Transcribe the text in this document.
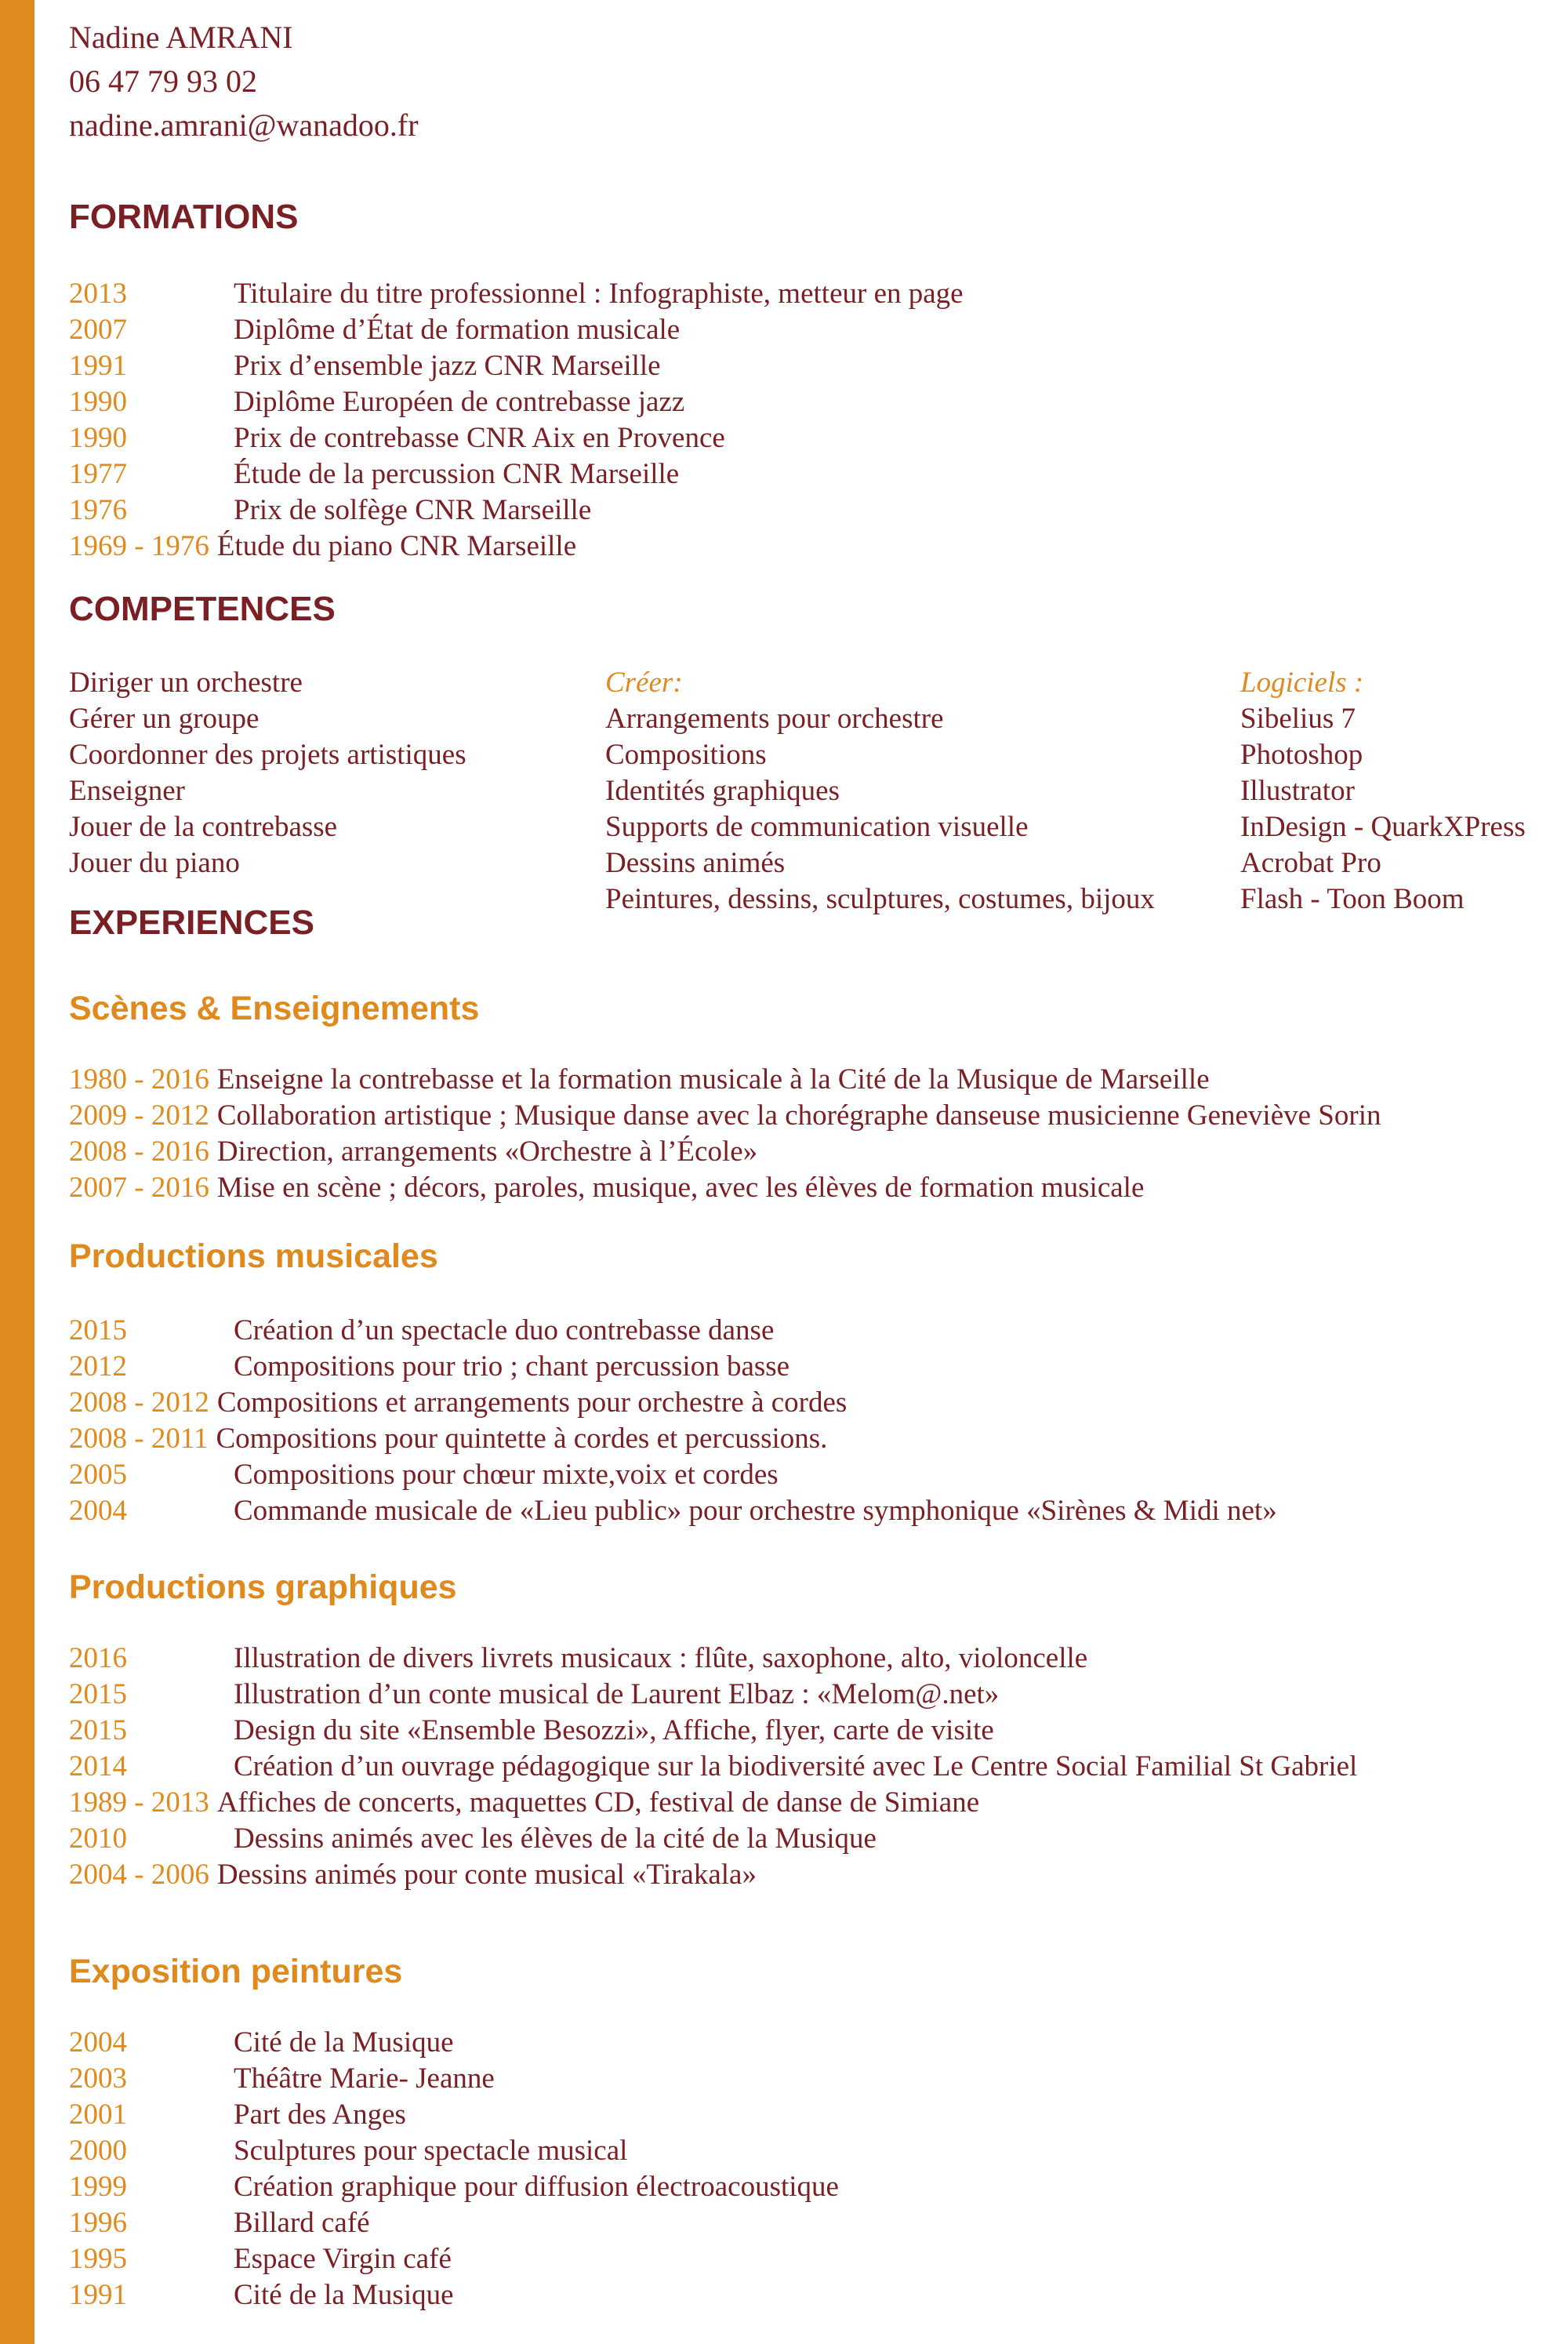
Nadine AMRANI
06 47 79 93 02
nadine.amrani@wanadoo.fr
FORMATIONS
2013	Titulaire du titre professionnel : Infographiste, metteur en page
2007	Diplôme d’État de formation musicale
1991	Prix d’ensemble jazz CNR Marseille
1990	Diplôme Européen de contrebasse jazz
1990	Prix de contrebasse CNR Aix en Provence
1977	Étude de la percussion CNR Marseille
1976	Prix de solfège CNR Marseille
1969 - 1976 Étude du piano CNR Marseille
COMPETENCES
Diriger un orchestre
Gérer un groupe
Coordonner des projets artistiques
Enseigner
Jouer de la contrebasse
Jouer du piano
Créer:
Arrangements pour orchestre
Compositions
Identités graphiques
Supports de communication visuelle
Dessins animés
Peintures, dessins, sculptures, costumes, bijoux
Logiciels :
Sibelius 7
Photoshop
Illustrator
InDesign - QuarkXPress
Acrobat Pro
Flash - Toon Boom
EXPERIENCES
Scènes & Enseignements
1980 - 2016 Enseigne la contrebasse et la formation musicale à la Cité de la Musique de Marseille
2009 - 2012 Collaboration artistique ; Musique danse avec la chorégraphe danseuse musicienne Geneviève Sorin
2008 - 2016 Direction, arrangements «Orchestre à l’École»
2007 - 2016 Mise en scène ; décors, paroles, musique, avec les élèves de formation musicale
Productions musicales
2015	Création d’un spectacle duo contrebasse danse
2012	Compositions pour trio ; chant percussion basse
2008 - 2012 Compositions et arrangements pour orchestre à cordes
2008 - 2011 Compositions pour quintette à cordes et percussions.
2005	Compositions pour chœur mixte,voix et cordes
2004	Commande musicale de «Lieu public» pour orchestre symphonique «Sirènes & Midi net»
Productions graphiques
2016	Illustration de divers livrets musicaux : flûte, saxophone, alto, violoncelle
2015	Illustration d’un conte musical de Laurent Elbaz : «Melom@.net»
2015	Design du site «Ensemble Besozzi», Affiche, flyer, carte de visite
2014	Création d’un ouvrage pédagogique sur la biodiversité avec Le Centre Social Familial St Gabriel
1989 - 2013 Affiches de concerts, maquettes CD, festival de danse de Simiane
2010	Dessins animés avec les élèves de la cité de la Musique
2004 - 2006 Dessins animés pour conte musical «Tirakala»
Exposition peintures
2004	Cité de la Musique
2003	Théâtre Marie- Jeanne
2001	Part des Anges
2000	Sculptures pour spectacle musical
1999	Création graphique pour diffusion électroacoustique
1996	Billard café
1995	Espace Virgin café
1991	Cité de la Musique
